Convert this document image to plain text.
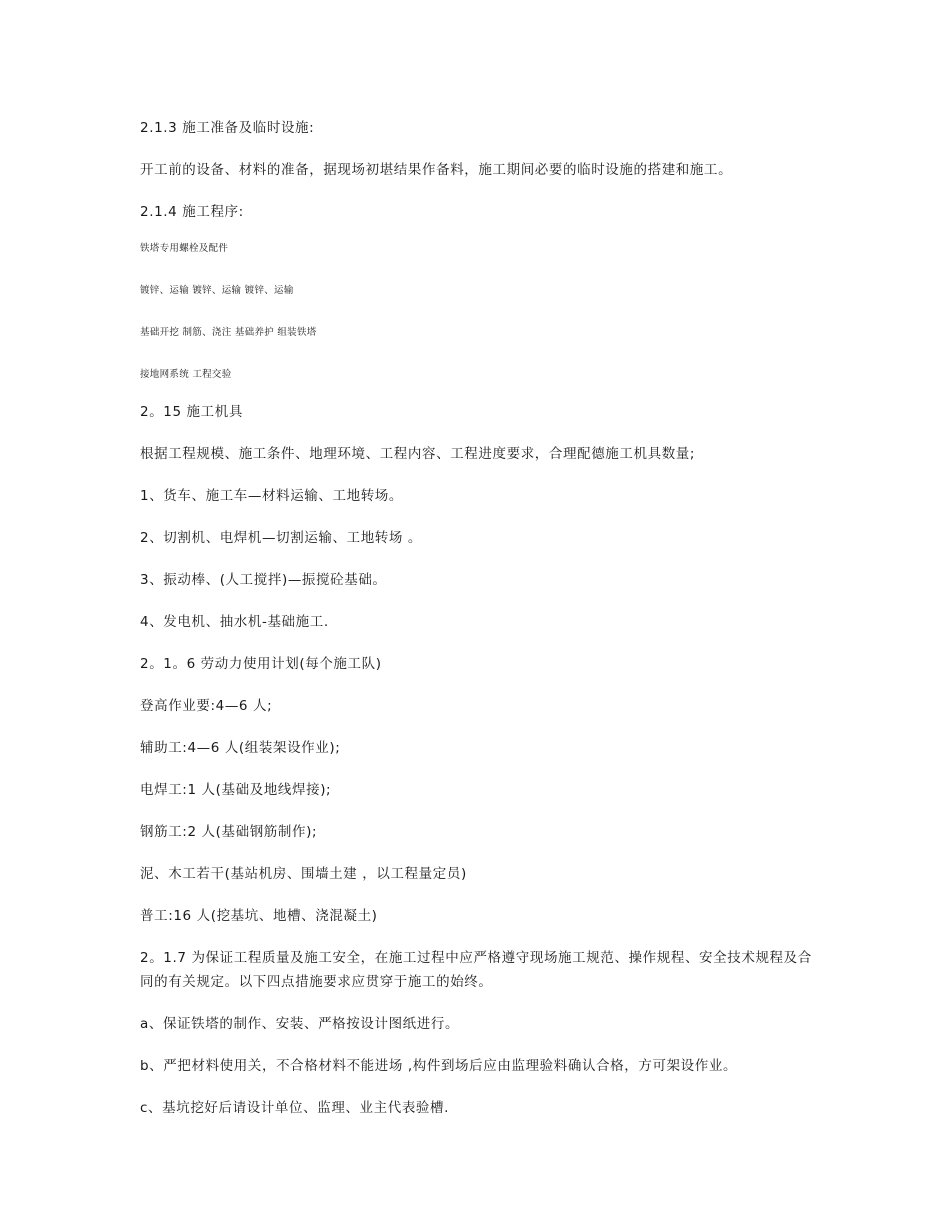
2.1.3 施工准备及临时设施:
开工前的设备、材料的准备，据现场初堪结果作备料，施工期间必要的临时设施的搭建和施工。
2.1.4 施工程序:
铁塔专用螺栓及配件
镀锌、运输 镀锌、运输 镀锌、运输
基础开挖 制筋、浇注 基础养护 组装铁塔
接地网系统 工程交验
2。15 施工机具
根据工程规模、施工条件、地理环境、工程内容、工程进度要求，合理配德施工机具数量;
1、货车、施工车—材料运输、工地转场。
2、切割机、电焊机—切割运输、工地转场 。
3、振动棒、(人工搅拌)—振搅砼基础。
4、发电机、抽水机-基础施工.
2。1。6 劳动力使用计划(每个施工队)
登高作业要:4—6 人;
辅助工:4—6 人(组装架设作业);
电焊工:1 人(基础及地线焊接);
钢筋工:2 人(基础钢筋制作);
泥、木工若干(基站机房、围墙土建 ，以工程量定员)
普工:16 人(挖基坑、地槽、浇混凝土)
2。1.7 为保证工程质量及施工安全，在施工过程中应严格遵守现场施工规范、操作规程、安全技术规程及合同的有关规定。以下四点措施要求应贯穿于施工的始终。
a、保证铁塔的制作、安装、严格按设计图纸进行。
b、严把材料使用关，不合格材料不能进场 ,构件到场后应由监理验料确认合格，方可架设作业。
c、基坑挖好后请设计单位、监理、业主代表验槽.
